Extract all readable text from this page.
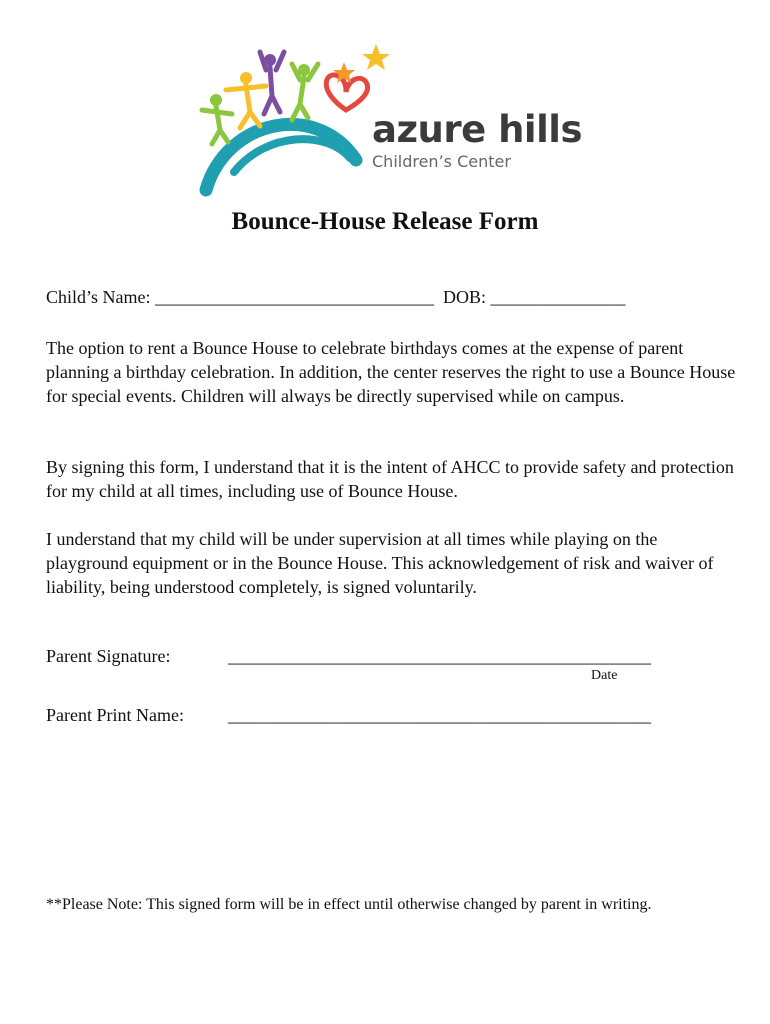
azure hills
Children’s Center
Bounce-House Release Form
Child’s Name: _______________________________  DOB: _______________
The option to rent a Bounce House to celebrate birthdays comes at the expense of parent planning a birthday celebration. In addition, the center reserves the right to use a Bounce House for special events. Children will always be directly supervised while on campus.
By signing this form, I understand that it is the intent of AHCC to provide safety and protection for my child at all times, including use of Bounce House.
I understand that my child will be under supervision at all times while playing on the playground equipment or in the Bounce House. This acknowledgement of risk and waiver of liability, being understood completely, is signed voluntarily.
Parent Signature:	_______________________________________________
Date
Parent Print Name: _______________________________________________
**Please Note: This signed form will be in effect until otherwise changed by parent in writing.
